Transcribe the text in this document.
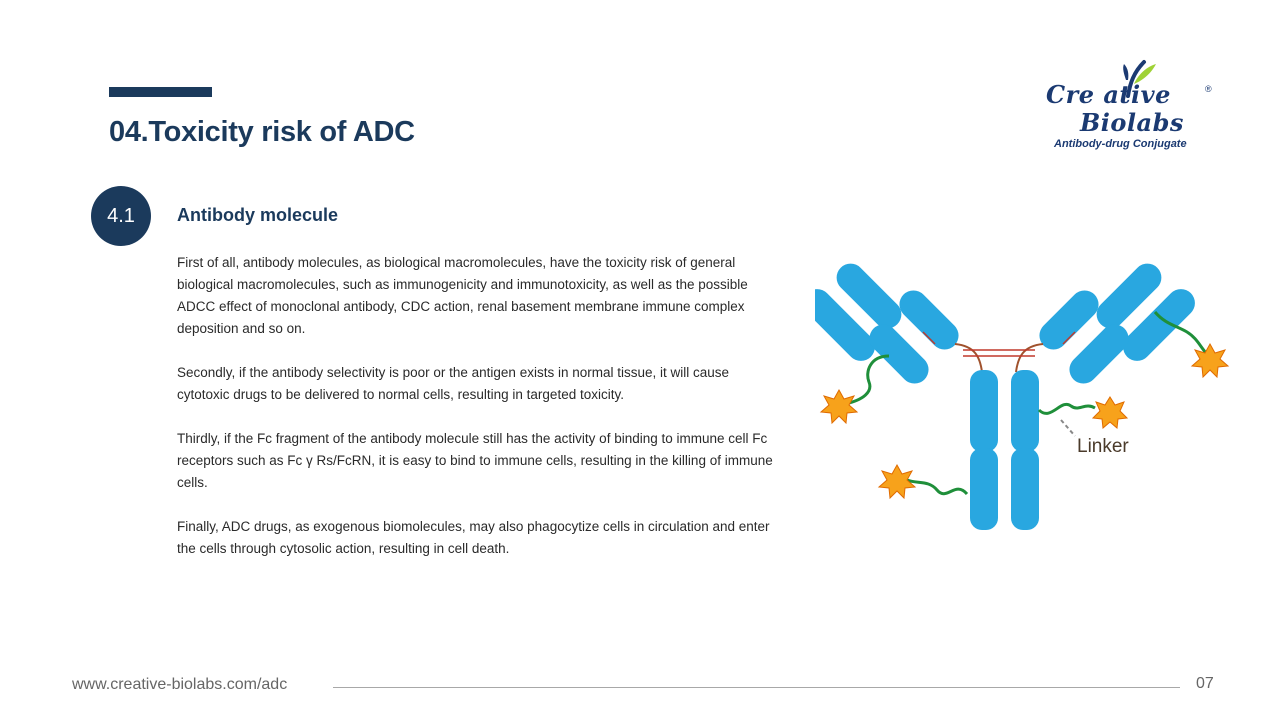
04.Toxicity risk of ADC
Cre ative	®
Biolabs
Antibody-drug Conjugate
4.1	Antibody molecule

First of all, antibody molecules, as biological macromolecules, have the toxicity risk of general biological macromolecules, such as immunogenicity and immunotoxicity, as well as the possible ADCC effect of monoclonal antibody, CDC action, renal basement membrane immune complex deposition and so on.

Secondly, if the antibody selectivity is poor or the antigen exists in normal tissue, it will cause cytotoxic drugs to be delivered to normal cells, resulting in targeted toxicity.

Thirdly, if the Fc fragment of the antibody molecule still has the activity of binding to immune cell Fc receptors such as Fc γ Rs/FcRN, it is easy to bind to immune cells, resulting in the killing of immune cells.

Finally, ADC drugs, as exogenous biomolecules, may also phagocytize cells in circulation and enter the cells through cytosolic action, resulting in cell death.

Linker
www.creative-biolabs.com/adc	07
